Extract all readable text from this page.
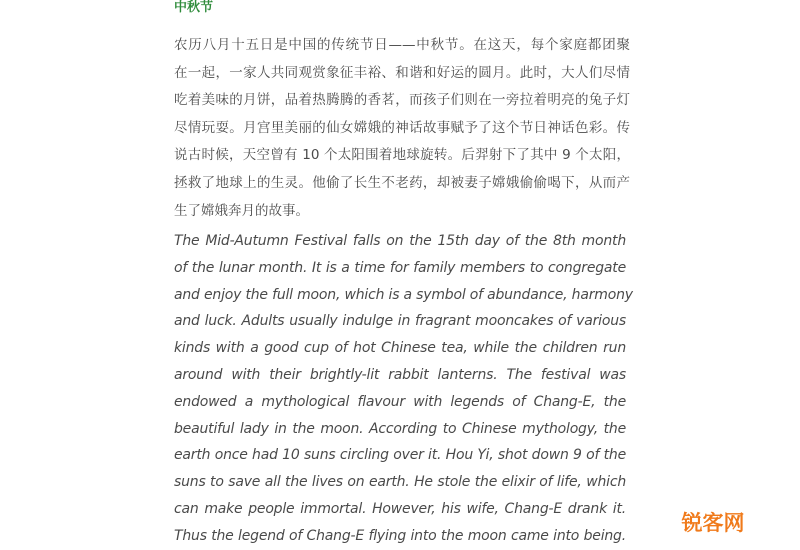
中秋节
农历八月十五日是中国的传统节日——中秋节。在这天，每个家庭都团聚
在一起，一家人共同观赏象征丰裕、和谐和好运的圆月。此时，大人们尽情
吃着美味的月饼，品着热腾腾的香茗，而孩子们则在一旁拉着明亮的兔子灯
尽情玩耍。月宫里美丽的仙女嫦娥的神话故事赋予了这个节日神话色彩。传
说古时候，天空曾有 10 个太阳围着地球旋转。后羿射下了其中 9 个太阳，
拯救了地球上的生灵。他偷了长生不老药，却被妻子嫦娥偷偷喝下，从而产
生了嫦娥奔月的故事。
The Mid-Autumn Festival falls on the 15th day of the 8th month
of the lunar month. It is a time for family members to congregate
and enjoy the full moon, which is a symbol of abundance, harmony
and luck. Adults usually indulge in fragrant mooncakes of various
kinds with a good cup of hot Chinese tea, while the children run
around with their brightly-lit rabbit lanterns. The festival was
endowed a mythological flavour with legends of Chang-E, the
beautiful lady in the moon. According to Chinese mythology, the
earth once had 10 suns circling over it. Hou Yi, shot down 9 of the
suns to save all the lives on earth. He stole the elixir of life, which
can make people immortal. However, his wife, Chang-E drank it.
Thus the legend of Chang-E flying into the moon came into being.
锐客网
